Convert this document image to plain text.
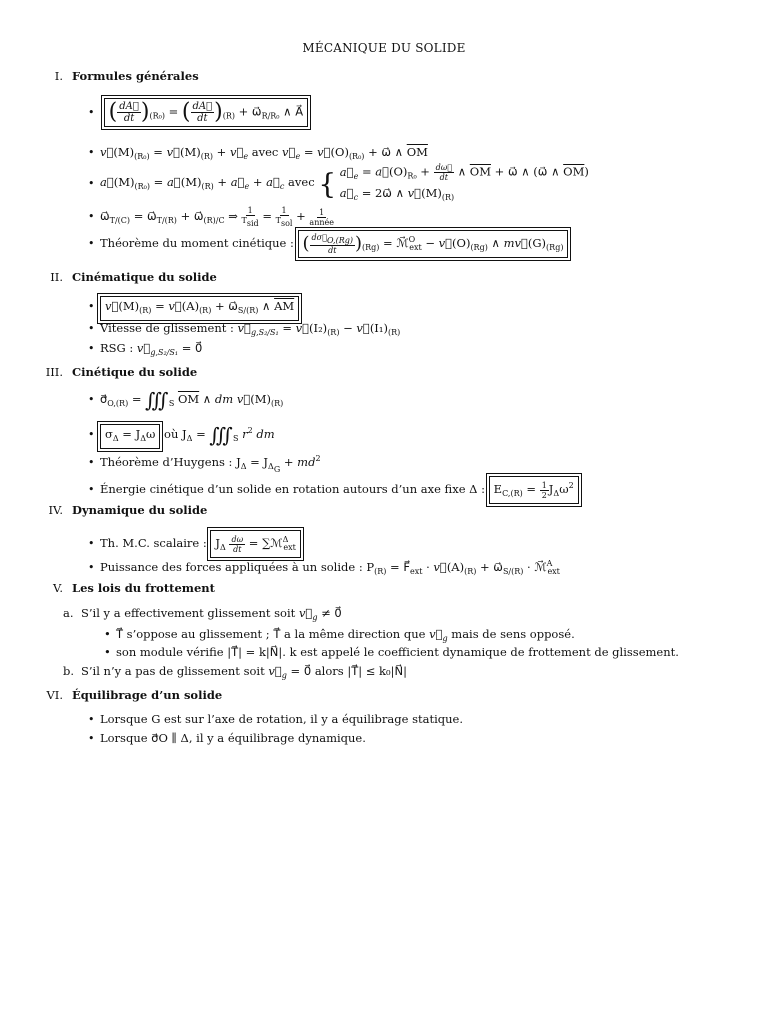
MÉCANIQUE DU SOLIDE
I. Formules générales
• ( $\frac{dA⃗}{dt} )_{(R_0)}$ = ( $\frac{dA⃗}{dt} )_{(R)}$ + $\omega⃗_{R/R_0}$ ∧ A⃗
• $v⃗(M)_{(R_0)}$ = $v⃗(M)_{(R)}$ + $v⃗_e$ avec $v⃗_e$ = $v⃗(O)_{(R_0)}$ + ω⃗ ∧ $\overline{OM}$
• $a⃗(M)_{(R_0)}$ = $a⃗(M)_{(R)}$ + $a⃗_e$ + $a⃗_c$ avec { $a⃗_e$ = $a⃗(O)_{R_0} + \frac{d\omega⃗}{dt}$ ∧ $\overline{OM}$ + ω⃗ ∧ (ω⃗ ∧ $\overline{OM}$)
$a⃗_c$ = 2ω⃗ ∧ $v⃗(M)_{(R)}$
• $\omega⃗_{T/(C)}$ = $\omega⃗_{T/(R)}$ + $\omega⃗_{(R)/C}$ ⇒ $\frac{1}{T_{sid}} = \frac{1}{T_{sol}} + \frac{1}{\text{année}}$
• Théorème du moment cinétique : ( $\frac{d\sigma⃗_{O,(Rg)}}{dt} )_{(Rg)}$ = ℳ⃗$^O_{ext}$ − $v⃗(O)_{(Rg)}$ ∧ $mv⃗(G)_{(Rg)}$
II. Cinématique du solide
• $v⃗(M)_{(R)}$ = $v⃗(A)_{(R)}$ + $\omega⃗_{S/(R)}$ ∧ $\overline{AM}$
• Vitesse de glissement : $v⃗_{g,S_2/S_1}$ = $v⃗(I_2)_{(R)}$ − $v⃗(I_1)_{(R)}$
• RSG : $v⃗_{g,S_2/S_1}$ = 0⃗
III. Cinétique du solide
• $\sigma⃗_{O,(R)}$ = $∭_S$ $\overline{OM}$ ∧ dm $v⃗(M)_{(R)}$
• $\sigma_\Delta = J_\Delta\omega$ où $J_\Delta$ = $∭_S$ $r^2$ dm
• Théorème d’Huygens : $J_\Delta = J_{\Delta_G} + md^2$
• Énergie cinétique d’un solide en rotation autours d’un axe fixe Δ : $E_{C,(R)} = \frac{1}{2} J_\Delta\omega^2$
IV. Dynamique du solide
• Th. M.C. scalaire : $J_\Delta \frac{d\omega}{dt}$ = ∑ℳ$^\Delta_{ext}$
• Puissance des forces appliquées à un solide : $P_{(R)}$ = $F⃗_{ext}$ · $v⃗(A)_{(R)}$ + $\omega⃗_{S/(R)}$ · ℳ⃗$^A_{ext}$
V. Les lois du frottement
a. S’il y a effectivement glissement soit $v⃗_g$ ≠ 0⃗
• T⃗ s’oppose au glissement ; T⃗ a la même direction que $v⃗_g$ mais de sens opposé.
• son module vérifie |T⃗| = k|N⃗|. k est appelé le coefficient dynamique de frottement de glissement.
b. S’il n’y a pas de glissement soit $v⃗_g$ = 0⃗ alors |T⃗| ≤ k₀|N⃗|
VI. Équilibrage d’un solide
• Lorsque G est sur l’axe de rotation, il y a équilibrage statique.
• Lorsque σ⃗O ∥ Δ, il y a équilibrage dynamique.
